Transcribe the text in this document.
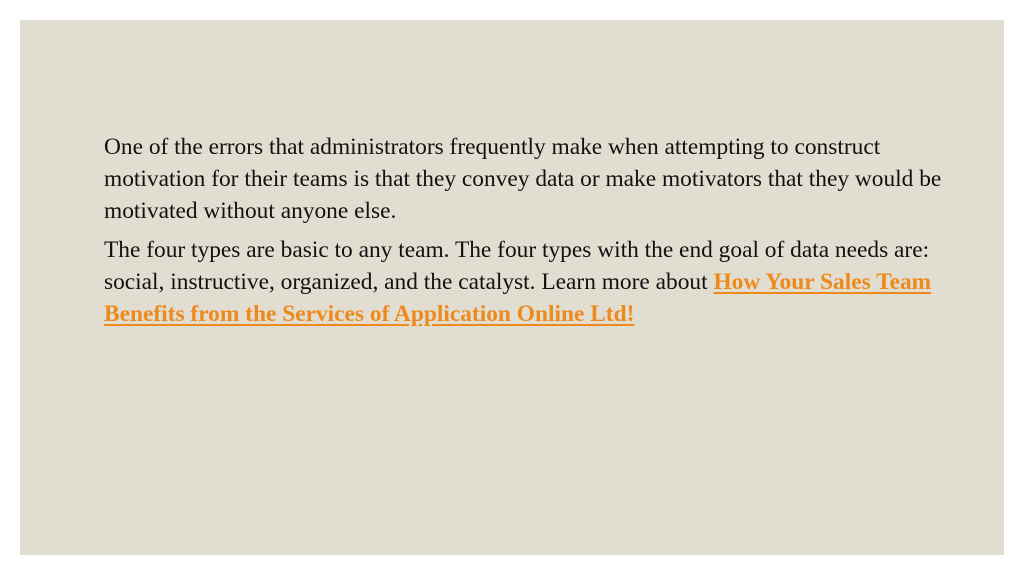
One of the errors that administrators frequently make when attempting to construct motivation for their teams is that they convey data or make motivators that they would be motivated without anyone else.

The four types are basic to any team. The four types with the end goal of data needs are: social, instructive, organized, and the catalyst. Learn more about How Your Sales Team Benefits from the Services of Application Online Ltd!
